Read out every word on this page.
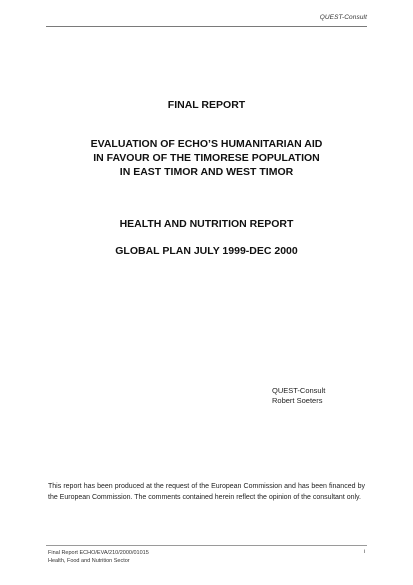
QUEST-Consult
FINAL REPORT
EVALUATION OF ECHO’S HUMANITARIAN AID
IN FAVOUR OF THE TIMORESE POPULATION
IN EAST TIMOR AND WEST TIMOR
HEALTH AND NUTRITION REPORT
GLOBAL PLAN JULY 1999-DEC 2000
QUEST-Consult
Robert Soeters
This report has been produced at the request of the European Commission and has been financed by the European Commission. The comments contained herein reflect the opinion of the consultant only.
Final Report ECHO/EVA/210/2000/01015
Health, Food and Nutrition Sector
i
